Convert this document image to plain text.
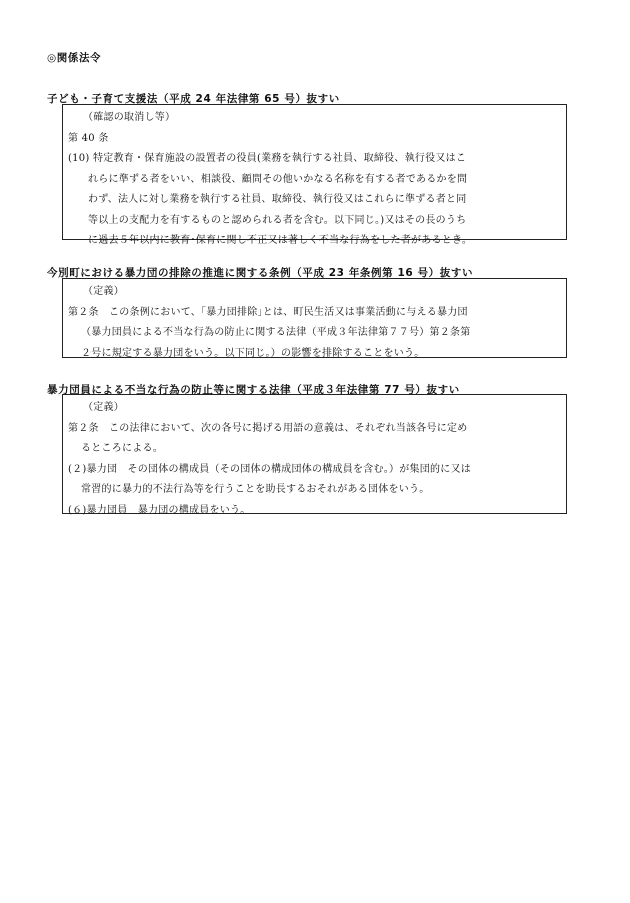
◎関係法令
子ども・子育て支援法（平成 24 年法律第 65 号）抜すい

（確認の取消し等）

第 40 条

(10) 特定教育・保育施設の設置者の役員(業務を執行する社員、取締役、執行役又はこ

れらに準ずる者をいい、相談役、顧問その他いかなる名称を有する者であるかを問

わず、法人に対し業務を執行する社員、取締役、執行役又はこれらに準ずる者と同

等以上の支配力を有するものと認められる者を含む。以下同じ。)又はその長のうち

に過去５年以内に教育･保育に関し不正又は著しく不当な行為をした者があるとき。

今別町における暴力団の排除の推進に関する条例（平成 23 年条例第 16 号）抜すい

（定義）

第２条　この条例において、｢暴力団排除｣とは、町民生活又は事業活動に与える暴力団

（暴力団員による不当な行為の防止に関する法律（平成３年法律第７７号）第２条第

２号に規定する暴力団をいう。以下同じ。）の影響を排除することをいう。

暴力団員による不当な行為の防止等に関する法律（平成３年法律第 77 号）抜すい

（定義）

第２条　この法律において、次の各号に掲げる用語の意義は、それぞれ当該各号に定め

るところによる。

(２)暴力団　その団体の構成員（その団体の構成団体の構成員を含む。）が集団的に又は

常習的に暴力的不法行為等を行うことを助長するおそれがある団体をいう。

(６)暴力団員　暴力団の構成員をいう。
